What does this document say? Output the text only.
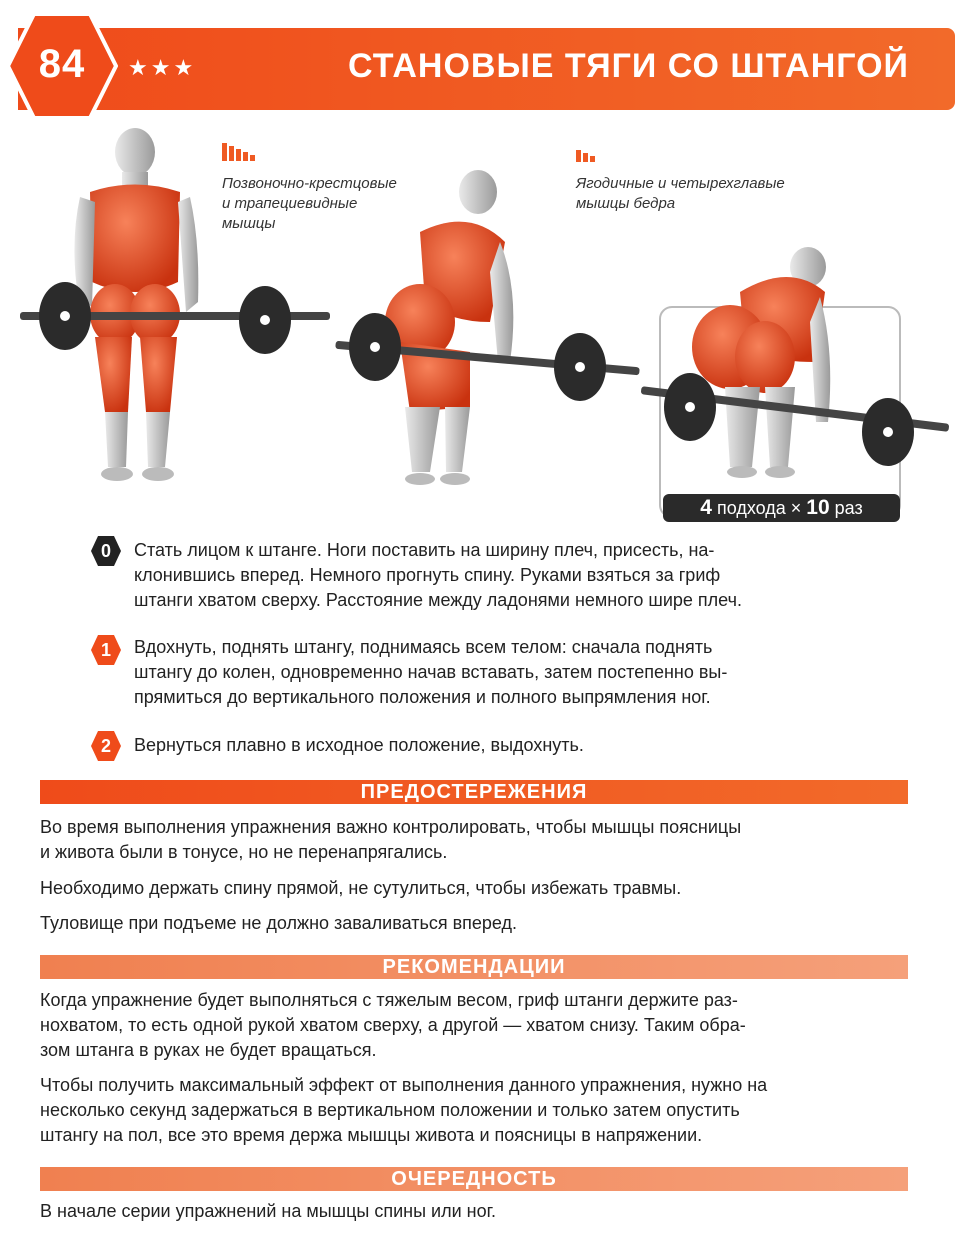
84	★★★	СТАНОВЫЕ ТЯГИ СО ШТАНГОЙ
Позвоночно-крестцовые
и трапециевидные
мышцы
Ягодичные и четырехглавые
мышцы бедра
4 подхода × 10 раз
0 Стать лицом к штанге. Ноги поставить на ширину плеч, присесть, на-
клонившись вперед. Немного прогнуть спину. Руками взяться за гриф
штанги хватом сверху. Расстояние между ладонями немного шире плеч.
1 Вдохнуть, поднять штангу, поднимаясь всем телом: сначала поднять
штангу до колен, одновременно начав вставать, затем постепенно вы-
прямиться до вертикального положения и полного выпрямления ног.
2 Вернуться плавно в исходное положение, выдохнуть.
ПРЕДОСТЕРЕЖЕНИЯ
Во время выполнения упражнения важно контролировать, чтобы мышцы поясницы
и живота были в тонусе, но не перенапрягались.
Необходимо держать спину прямой, не сутулиться, чтобы избежать травмы.
Туловище при подъеме не должно заваливаться вперед.
РЕКОМЕНДАЦИИ
Когда упражнение будет выполняться с тяжелым весом, гриф штанги держите раз-
нохватом, то есть одной рукой хватом сверху, а другой — хватом снизу. Таким обра-
зом штанга в руках не будет вращаться.
Чтобы получить максимальный эффект от выполнения данного упражнения, нужно на
несколько секунд задержаться в вертикальном положении и только затем опустить
штангу на пол, все это время держа мышцы живота и поясницы в напряжении.
ОЧЕРЕДНОСТЬ
В начале серии упражнений на мышцы спины или ног.
